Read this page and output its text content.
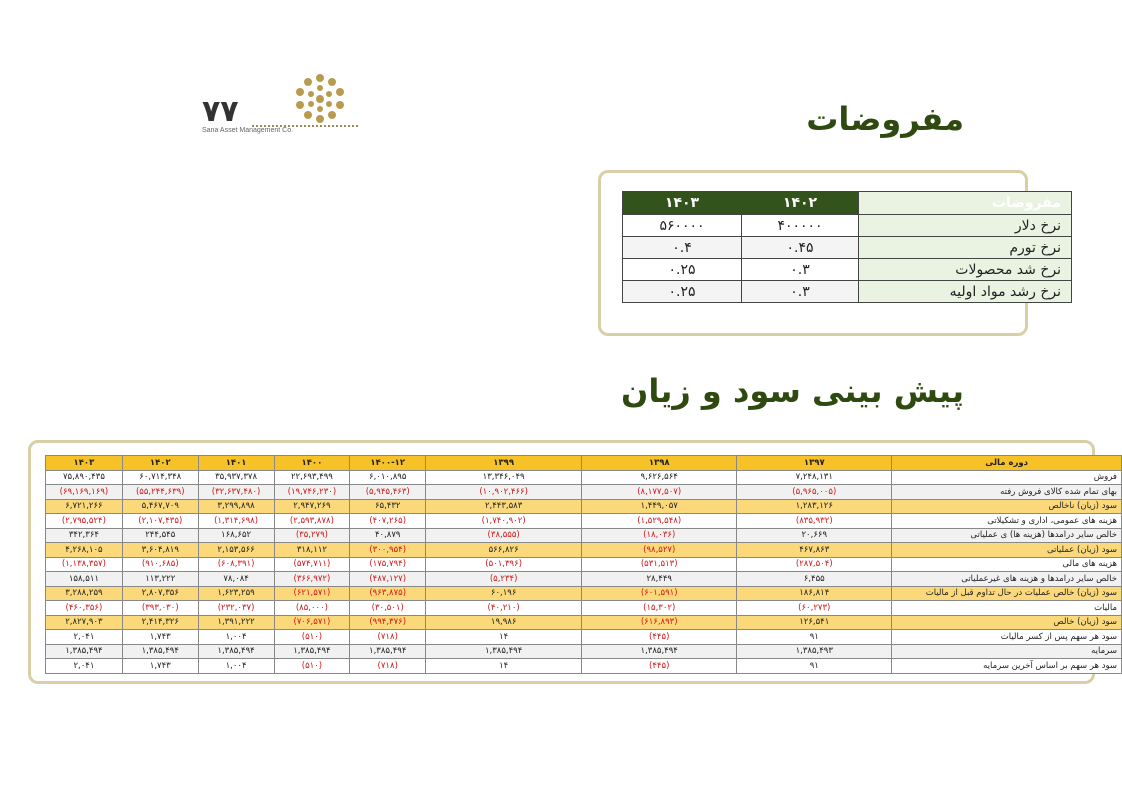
۷۷
Sana Asset Management Co.	مفروضات
مفروضات	۱۴۰۲	۱۴۰۳
نرخ دلار	۴۰۰۰۰۰	۵۶۰۰۰۰
نرخ تورم	۰.۴۵	۰.۴
نرخ شد محصولات	۰.۳	۰.۲۵
نرخ رشد مواد اولیه	۰.۳	۰.۲۵
پیش بینی سود و زیان
دوره مالی	۱۳۹۷	۱۳۹۸	۱۳۹۹	۱۴۰۰-۱۲	۱۴۰۰	۱۴۰۱	۱۴۰۲	۱۴۰۳
فروش	۷,۲۴۸,۱۳۱	۹,۶۲۶,۵۶۴	۱۳,۳۴۶,۰۴۹	۶,۰۱۰,۸۹۵	۲۲,۶۹۳,۴۹۹	۳۵,۹۳۷,۳۷۸	۶۰,۷۱۴,۳۴۸	۷۵,۸۹۰,۴۳۵
بهای تمام شده کالای فروش رفته	(۵,۹۶۵,۰۰۵)	(۸,۱۷۷,۵۰۷)	(۱۰,۹۰۲,۴۶۶)	(۵,۹۴۵,۴۶۳)	(۱۹,۷۴۶,۲۳۰)	(۳۲,۶۳۷,۴۸۰)	(۵۵,۲۴۴,۶۳۹)	(۶۹,۱۶۹,۱۶۹)
سود (زیان) ناخالص	۱,۲۸۳,۱۲۶	۱,۴۴۹,۰۵۷	۲,۴۴۳,۵۸۳	۶۵,۴۳۲	۲,۹۴۷,۲۶۹	۳,۲۹۹,۸۹۸	۵,۴۶۷,۷۰۹	۶,۷۲۱,۲۶۶
هزینه های عمومی، اداری و تشکیلاتی	(۸۳۵,۹۳۲)	(۱,۵۲۹,۵۴۸)	(۱,۷۴۰,۹۰۲)	(۴۰۷,۲۶۵)	(۲,۵۹۳,۸۷۸)	(۱,۳۱۴,۶۹۸)	(۲,۱۰۷,۴۳۵)	(۲,۷۹۵,۵۲۴)
خالص سایر درامدها (هزینه ها) ی عملیاتی	۲۰,۶۶۹	(۱۸,۰۳۶)	(۳۸,۵۵۵)	۴۰,۸۷۹	(۳۵,۲۷۹)	۱۶۸,۶۵۲	۲۴۴,۵۴۵	۳۴۲,۳۶۴
سود (زیان) عملیاتی	۴۶۷,۸۶۳	(۹۸,۵۲۷)	۵۶۶,۸۲۶	(۳۰۰,۹۵۴)	۳۱۸,۱۱۲	۲,۱۵۳,۵۶۶	۳,۶۰۴,۸۱۹	۴,۲۶۸,۱۰۵
هزینه های مالی	(۲۸۷,۵۰۴)	(۵۳۱,۵۱۳)	(۵۰۱,۳۹۶)	(۱۷۵,۷۹۴)	(۵۷۴,۷۱۱)	(۶۰۸,۳۹۱)	(۹۱۰,۶۸۵)	(۱,۱۳۸,۳۵۷)
خالص سایر درامدها و هزینه های غیرعملیاتی	۶,۴۵۵	۲۸,۴۴۹	(۵,۲۳۴)	(۴۸۷,۱۲۷)	(۳۶۶,۹۷۲)	۷۸,۰۸۴	۱۱۳,۲۲۲	۱۵۸,۵۱۱
سود (زیان) خالص عملیات در حال تداوم قبل از مالیات	۱۸۶,۸۱۴	(۶۰۱,۵۹۱)	۶۰,۱۹۶	(۹۶۳,۸۷۵)	(۶۲۱,۵۷۱)	۱,۶۲۳,۲۵۹	۲,۸۰۷,۳۵۶	۳,۲۸۸,۲۵۹
مالیات	(۶۰,۲۷۳)	(۱۵,۳۰۲)	(۴۰,۲۱۰)	(۳۰,۵۰۱)	(۸۵,۰۰۰)	(۲۳۲,۰۳۷)	(۳۹۳,۰۳۰)	(۴۶۰,۳۵۶)
سود (زیان) خالص	۱۲۶,۵۴۱	(۶۱۶,۸۹۳)	۱۹,۹۸۶	(۹۹۴,۳۷۶)	(۷۰۶,۵۷۱)	۱,۳۹۱,۲۲۲	۲,۴۱۴,۳۲۶	۲,۸۲۷,۹۰۳
سود هر سهم پس از کسر مالیات	۹۱	(۴۴۵)	۱۴	(۷۱۸)	(۵۱۰)	۱,۰۰۴	۱,۷۴۳	۲,۰۴۱
سرمایه	۱,۳۸۵,۴۹۳	۱,۳۸۵,۴۹۴	۱,۳۸۵,۴۹۴	۱,۳۸۵,۴۹۴	۱,۳۸۵,۴۹۴	۱,۳۸۵,۴۹۴	۱,۳۸۵,۴۹۴	۱,۳۸۵,۴۹۴
سود هر سهم بر اساس آخرین سرمایه	۹۱	(۴۴۵)	۱۴	(۷۱۸)	(۵۱۰)	۱,۰۰۴	۱,۷۴۳	۲,۰۴۱
